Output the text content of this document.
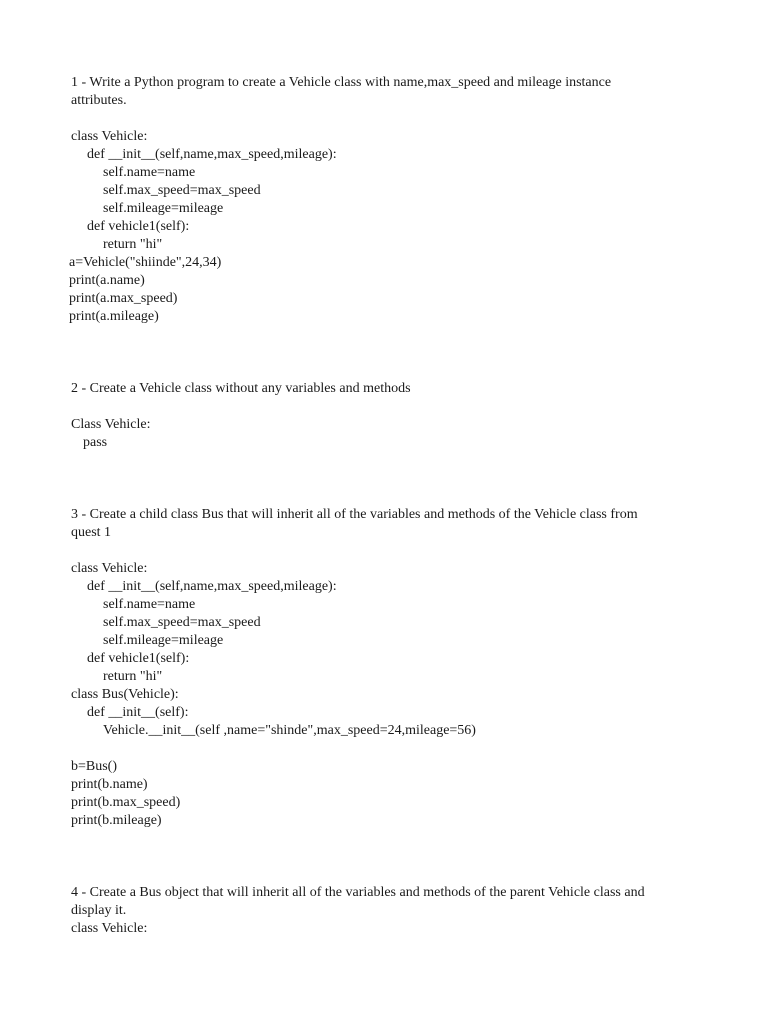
1 - Write a Python program to create a Vehicle class with name,max_speed and mileage instance

attributes.

class Vehicle:

def __init__(self,name,max_speed,mileage):

self.name=name

self.max_speed=max_speed

self.mileage=mileage

def vehicle1(self):

return "hi"

a=Vehicle("shiinde",24,34)

print(a.name)

print(a.max_speed)

print(a.mileage)

2 - Create a Vehicle class without any variables and methods

Class Vehicle:

pass

3 - Create a child class Bus that will inherit all of the variables and methods of the Vehicle class from

quest 1

class Vehicle:

def __init__(self,name,max_speed,mileage):

self.name=name

self.max_speed=max_speed

self.mileage=mileage

def vehicle1(self):

return "hi"

class Bus(Vehicle):

def __init__(self):

Vehicle.__init__(self ,name="shinde",max_speed=24,mileage=56)

b=Bus()

print(b.name)

print(b.max_speed)

print(b.mileage)

4 - Create a Bus object that will inherit all of the variables and methods of the parent Vehicle class and

display it.

class Vehicle:
